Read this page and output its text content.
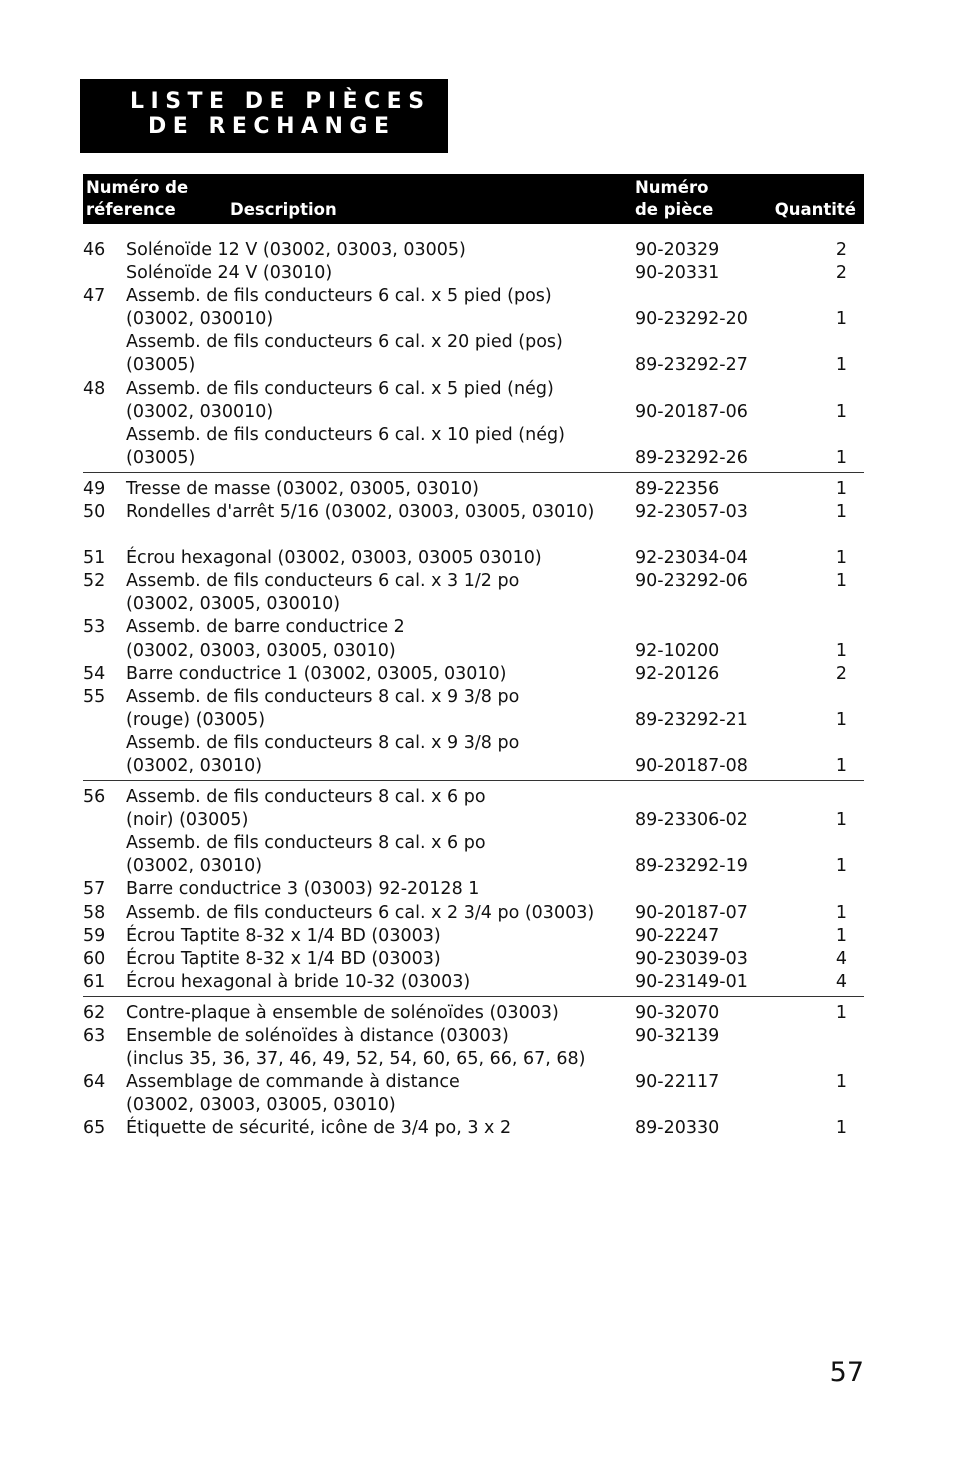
LISTE DE PIÈCES
DE RECHANGE
Numéro de
réference	Description
Numéro
de pièce	Quantité
46 Solénoïde 12 V (03002, 03003, 03005)	90-20329	2
Solénoïde 24 V (03010)	90-20331	2
47 Assemb. de fils conducteurs 6 cal. x 5 pied (pos)
(03002, 030010)	90-23292-20	1
Assemb. de fils conducteurs 6 cal. x 20 pied (pos)
(03005)	89-23292-27	1
48 Assemb. de fils conducteurs 6 cal. x 5 pied (nég)
(03002, 030010)	90-20187-06	1
Assemb. de fils conducteurs 6 cal. x 10 pied (nég)
(03005)	89-23292-26	1
49 Tresse de masse (03002, 03005, 03010)	89-22356	1
50 Rondelles d'arrêt 5/16 (03002, 03003, 03005, 03010) 92-23057-03	1
51 Écrou hexagonal (03002, 03003, 03005 03010)	92-23034-04	1
52 Assemb. de fils conducteurs 6 cal. x 3 1/2 po	90-23292-06	1
(03002, 03005, 030010)
53 Assemb. de barre conductrice 2
(03002, 03003, 03005, 03010)	92-10200	1
54 Barre conductrice 1 (03002, 03005, 03010)	92-20126	2
55 Assemb. de fils conducteurs 8 cal. x 9 3/8 po
(rouge) (03005)	89-23292-21	1
Assemb. de fils conducteurs 8 cal. x 9 3/8 po
(03002, 03010)	90-20187-08	1
56 Assemb. de fils conducteurs 8 cal. x 6 po
(noir) (03005)	89-23306-02	1
Assemb. de fils conducteurs 8 cal. x 6 po
(03002, 03010)	89-23292-19	1
57 Barre conductrice 3 (03003) 92-20128 1
58 Assemb. de fils conducteurs 6 cal. x 2 3/4 po (03003) 90-20187-07	1
59 Écrou Taptite 8-32 x 1/4 BD (03003)	90-22247	1
60 Écrou Taptite 8-32 x 1/4 BD (03003)	90-23039-03	4
61 Écrou hexagonal à bride 10-32 (03003)	90-23149-01	4
62 Contre-plaque à ensemble de solénoïdes (03003)	90-32070	1
63 Ensemble de solénoïdes à distance (03003)	90-32139
(inclus 35, 36, 37, 46, 49, 52, 54, 60, 65, 66, 67, 68)
64 Assemblage de commande à distance	90-22117	1
(03002, 03003, 03005, 03010)
65 Étiquette de sécurité, icône de 3/4 po, 3 x 2	89-20330	1
57
